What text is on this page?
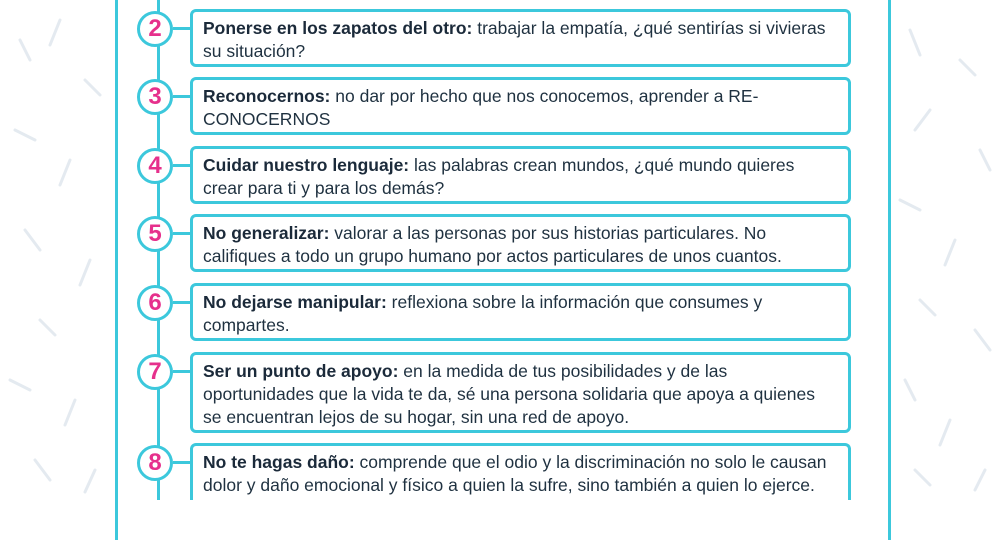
2	Ponerse en los zapatos del otro: trabajar la empatía, ¿qué sentirías si vivieras su situación?
3	Reconocernos: no dar por hecho que nos conocemos, aprender a RE-CONOCERNOS
4	Cuidar nuestro lenguaje: las palabras crean mundos, ¿qué mundo quieres crear para ti y para los demás?
5	No generalizar: valorar a las personas por sus historias particulares. No califiques a todo un grupo humano por actos particulares de unos cuantos.
6	No dejarse manipular: reflexiona sobre la información que consumes y compartes.
7	Ser un punto de apoyo: en la medida de tus posibilidades y de las oportunidades que la vida te da, sé una persona solidaria que apoya a quienes se encuentran lejos de su hogar, sin una red de apoyo.
8	No te hagas daño: comprende que el odio y la discriminación no solo le causan dolor y daño emocional y físico a quien la sufre, sino también a quien lo ejerce.
